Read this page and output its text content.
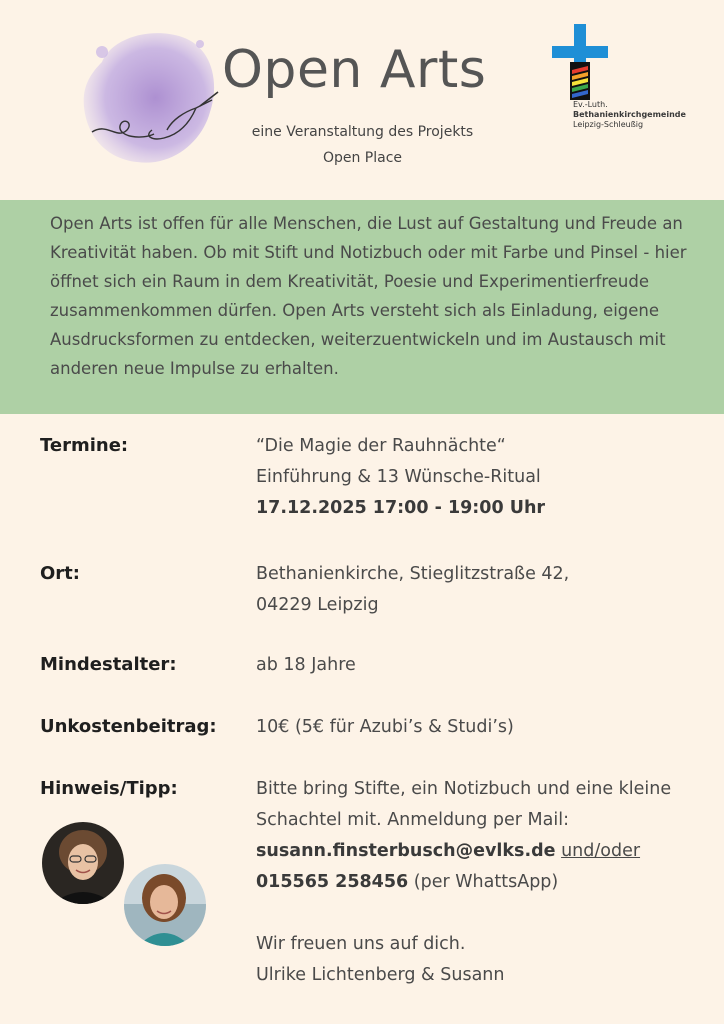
Open Arts
eine Veranstaltung des Projekts
Open Place
Ev.-Luth.
Bethanienkirchgemeinde
Leipzig-Schleußig

Open Arts ist offen für alle Menschen, die Lust auf Gestaltung und Freude an Kreativität haben. Ob mit Stift und Notizbuch oder mit Farbe und Pinsel - hier öffnet sich ein Raum in dem Kreativität, Poesie und Experimentierfreude zusammenkommen dürfen. Open Arts versteht sich als Einladung, eigene Ausdrucksformen zu entdecken, weiterzuentwickeln und im Austausch mit anderen neue Impulse zu erhalten.

Termine:	“Die Magie der Rauhnächte“
Einführung & 13 Wünsche-Ritual
17.12.2025 17:00 - 19:00 Uhr
Ort:	Bethanienkirche, Stieglitzstraße 42,
04229 Leipzig
Mindestalter:	ab 18 Jahre
Unkostenbeitrag: 10€ (5€ für Azubi’s & Studi’s)
Hinweis/Tipp:	Bitte bring Stifte, ein Notizbuch und eine kleine
Schachtel mit. Anmeldung per Mail:
susann.finsterbusch@evlks.de und/oder
015565 258456 (per WhattsApp)
Wir freuen uns auf dich.
Ulrike Lichtenberg & Susann
